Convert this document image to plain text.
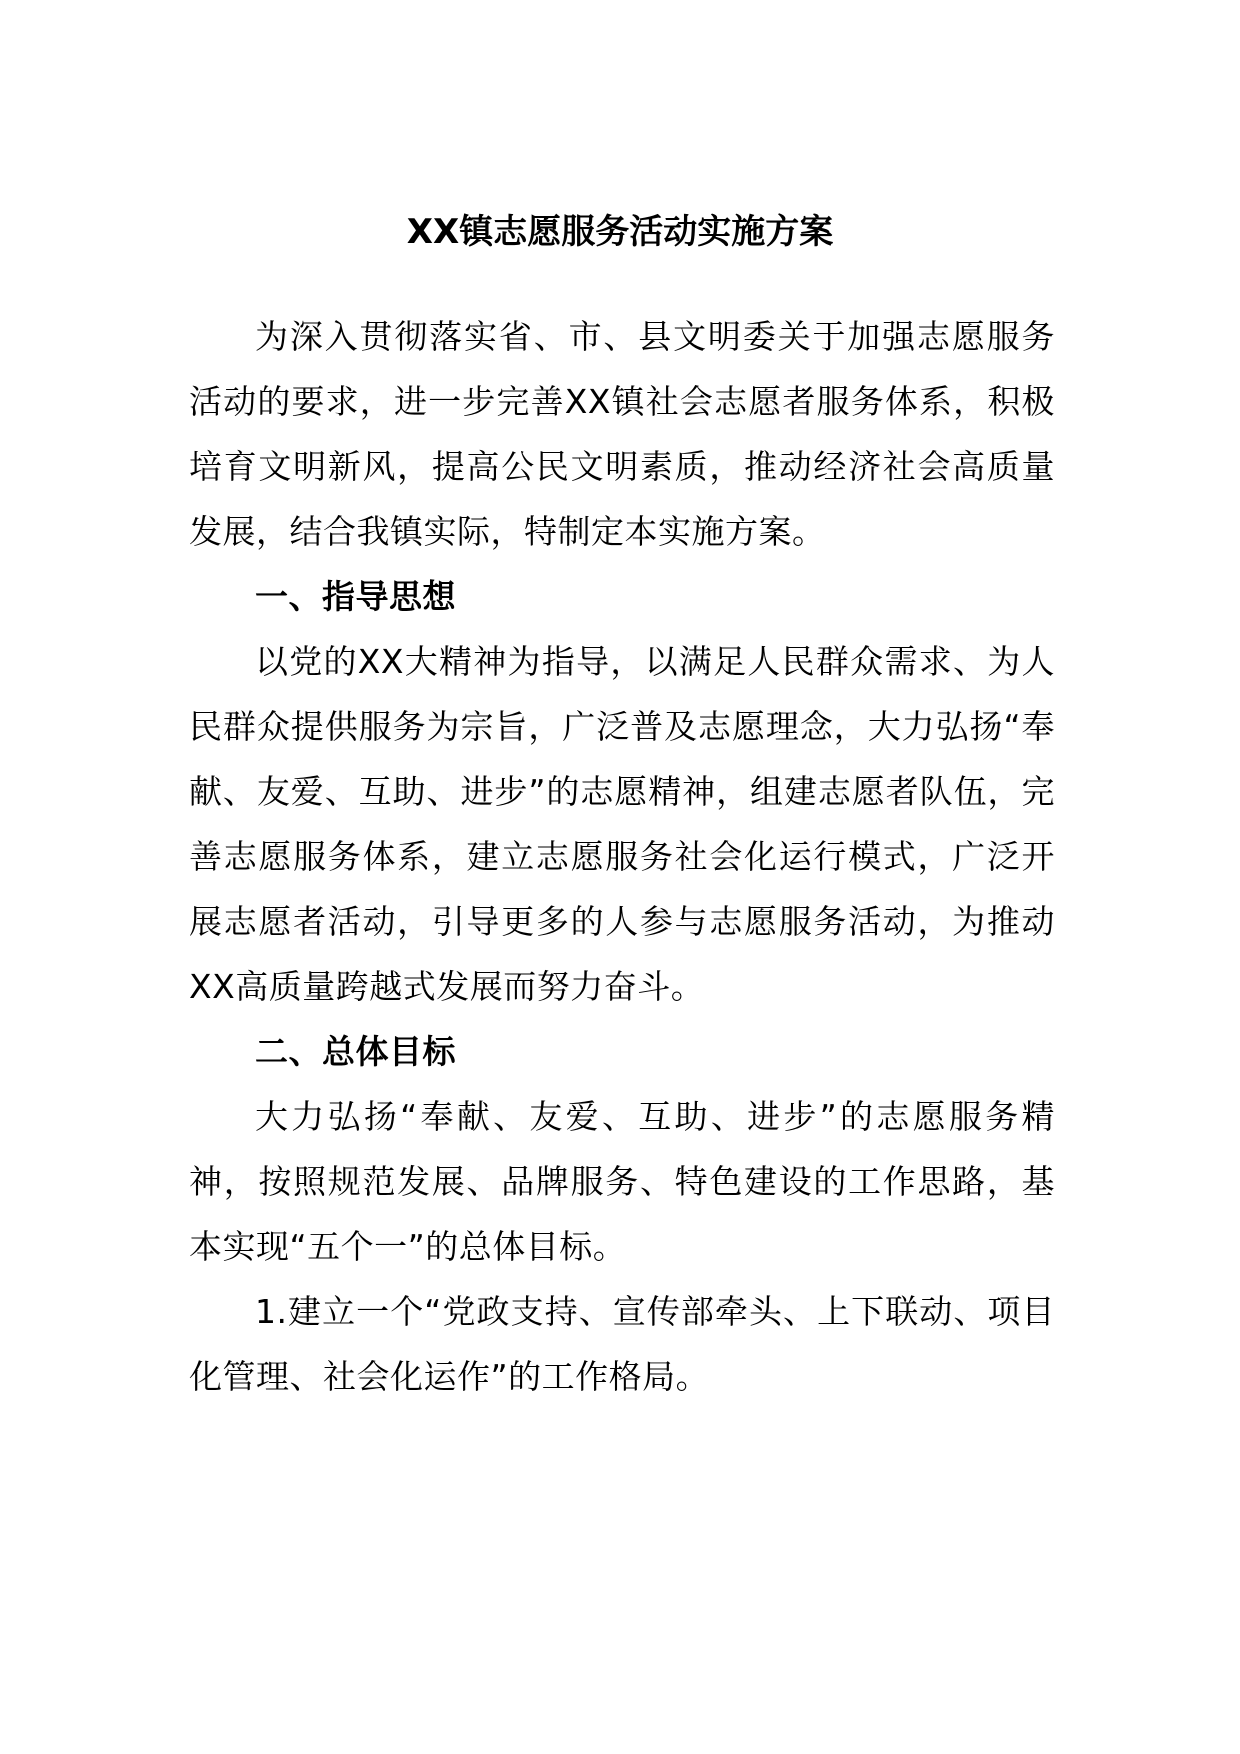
XX镇志愿服务活动实施方案

为深入贯彻落实省、市、县文明委关于加强志愿服务活动的要求，进一步完善XX镇社会志愿者服务体系，积极培育文明新风，提高公民文明素质，推动经济社会高质量发展，结合我镇实际，特制定本实施方案。

一、指导思想

以党的XX大精神为指导，以满足人民群众需求、为人民群众提供服务为宗旨，广泛普及志愿理念，大力弘扬“奉献、友爱、互助、进步”的志愿精神，组建志愿者队伍，完善志愿服务体系，建立志愿服务社会化运行模式，广泛开展志愿者活动，引导更多的人参与志愿服务活动，为推动XX高质量跨越式发展而努力奋斗。

二、总体目标

大力弘扬“奉献、友爱、互助、进步”的志愿服务精神，按照规范发展、品牌服务、特色建设的工作思路，基本实现“五个一”的总体目标。

1.建立一个“党政支持、宣传部牵头、上下联动、项目化管理、社会化运作”的工作格局。
